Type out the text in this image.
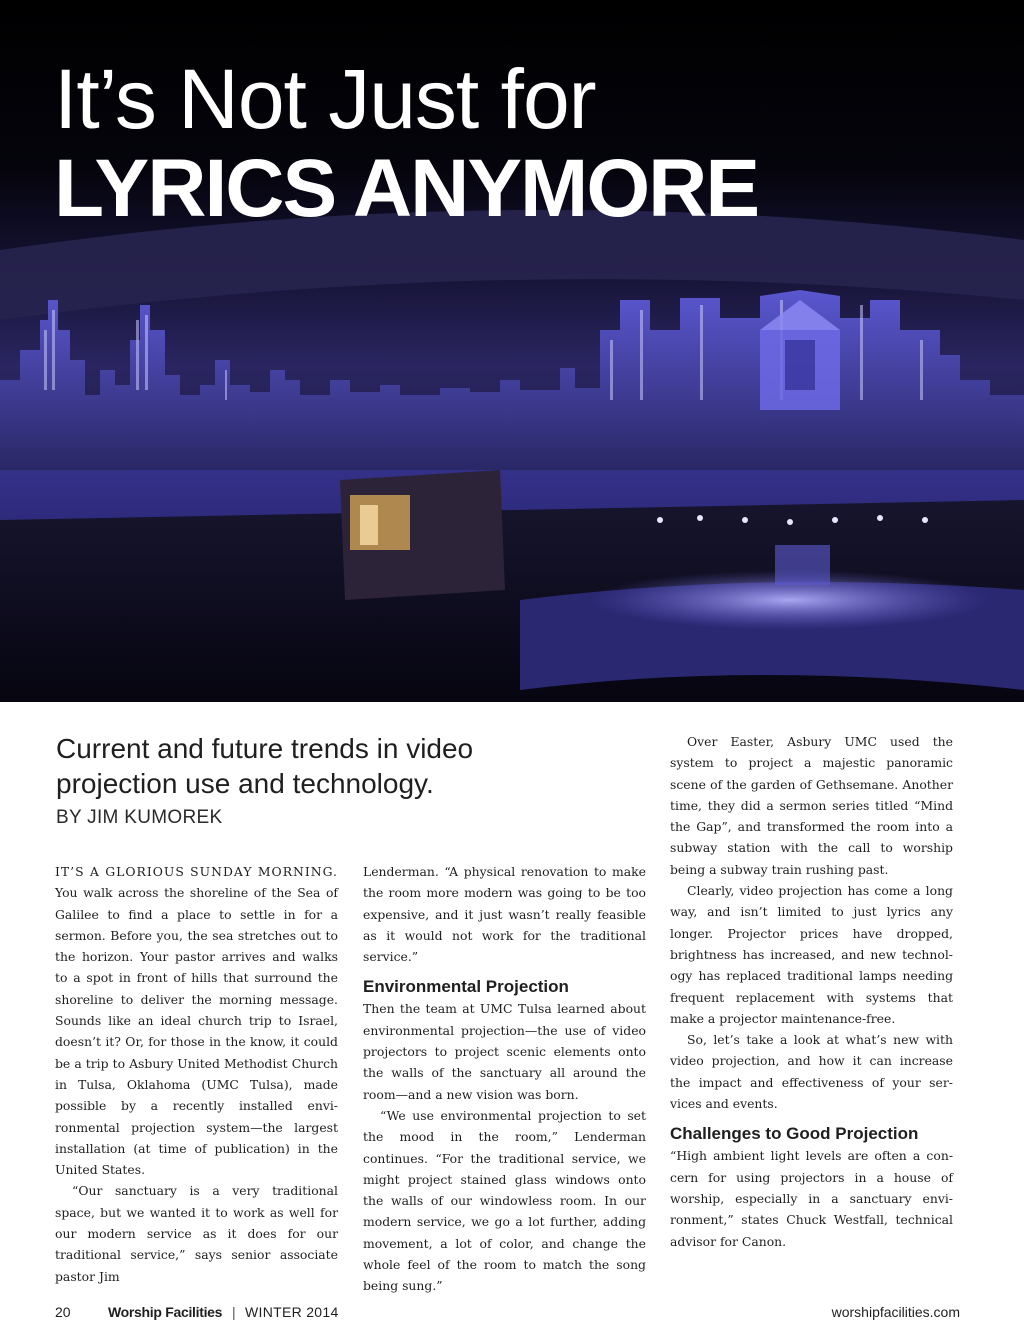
It’s Not Just for
LYRICS ANYMORE
Current and future trends in video
projection use and technology.
BY JIM KUMOREK

IT’S A GLORIOUS SUNDAY MORNING. You walk across the shoreline of the Sea of Galilee to find a place to settle in for a sermon. Before you, the sea stretches out to the horizon. Your pastor arrives and walks to a spot in front of hills that surround the shoreline to deliver the morning message. Sounds like an ideal church trip to Israel, doesn’t it? Or, for those in the know, it could be a trip to Asbury United Methodist Church in Tulsa, Oklahoma (UMC Tulsa), made possible by a recently installed envi-ronmental projection system—the largest installation (at time of publication) in the United States.

“Our sanctuary is a very traditional space, but we wanted it to work as well for our modern service as it does for our traditional service,” says senior associate pastor Jim

Lenderman. “A physical renovation to make the room more modern was going to be too expensive, and it just wasn’t really feasible as it would not work for the traditional service.”

Environmental Projection

Then the team at UMC Tulsa learned about environmental projection—the use of video projectors to project scenic elements onto the walls of the sanctuary all around the room—and a new vision was born.

“We use environmental projection to set the mood in the room,” Lenderman continues. “For the traditional service, we might project stained glass windows onto the walls of our windowless room. In our modern service, we go a lot further, adding movement, a lot of color, and change the whole feel of the room to match the song being sung.”

Over Easter, Asbury UMC used the system to project a majestic panoramic scene of the garden of Gethsemane. Another time, they did a sermon series titled “Mind the Gap”, and transformed the room into a subway station with the call to worship being a subway train rushing past.

Clearly, video projection has come a long way, and isn’t limited to just lyrics any longer. Projector prices have dropped, brightness has increased, and new technol-ogy has replaced traditional lamps needing frequent replacement with systems that make a projector maintenance-free.

So, let’s take a look at what’s new with video projection, and how it can increase the impact and effectiveness of your ser-vices and events.

Challenges to Good Projection

“High ambient light levels are often a con-cern for using projectors in a house of worship, especially in a sanctuary envi-ronment,” states Chuck Westfall, technical advisor for Canon.

20	Worship Facilities | WINTER 2014	worshipfacilities.com
